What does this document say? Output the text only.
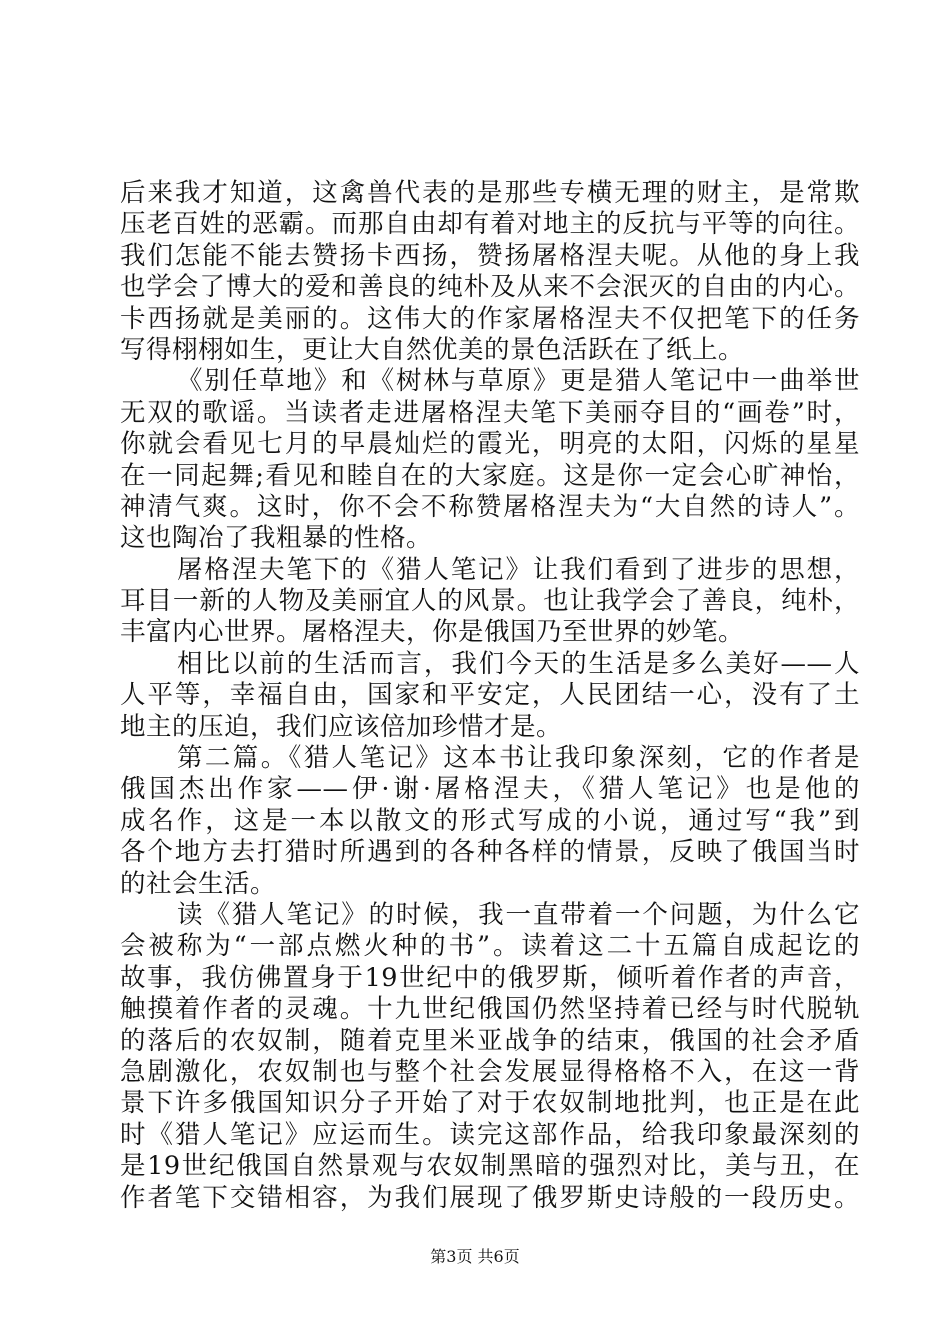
后来我才知道，这禽兽代表的是那些专横无理的财主，是常欺
压老百姓的恶霸。而那自由却有着对地主的反抗与平等的向往。
我们怎能不能去赞扬卡西扬，赞扬屠格涅夫呢。从他的身上我
也学会了博大的爱和善良的纯朴及从来不会泯灭的自由的内心。
卡西扬就是美丽的。这伟大的作家屠格涅夫不仅把笔下的任务
写得栩栩如生，更让大自然优美的景色活跃在了纸上。
《别任草地》和《树林与草原》更是猎人笔记中一曲举世
无双的歌谣。当读者走进屠格涅夫笔下美丽夺目的“画卷”时，
你就会看见七月的早晨灿烂的霞光，明亮的太阳，闪烁的星星
在一同起舞;看见和睦自在的大家庭。这是你一定会心旷神怡，
神清气爽。这时，你不会不称赞屠格涅夫为“大自然的诗人”。
这也陶冶了我粗暴的性格。
屠格涅夫笔下的《猎人笔记》让我们看到了进步的思想，
耳目一新的人物及美丽宜人的风景。也让我学会了善良，纯朴，
丰富内心世界。屠格涅夫，你是俄国乃至世界的妙笔。
相比以前的生活而言，我们今天的生活是多么美好——人
人平等，幸福自由，国家和平安定，人民团结一心，没有了土
地主的压迫，我们应该倍加珍惜才是。
第二篇。《猎人笔记》这本书让我印象深刻，它的作者是
俄国杰出作家——伊·谢·屠格涅夫，《猎人笔记》也是他的
成名作，这是一本以散文的形式写成的小说，通过写“我”到
各个地方去打猎时所遇到的各种各样的情景，反映了俄国当时
的社会生活。
读《猎人笔记》的时候，我一直带着一个问题，为什么它
会被称为“一部点燃火种的书”。读着这二十五篇自成起讫的
故事，我仿佛置身于19世纪中的俄罗斯，倾听着作者的声音，
触摸着作者的灵魂。十九世纪俄国仍然坚持着已经与时代脱轨
的落后的农奴制，随着克里米亚战争的结束，俄国的社会矛盾
急剧激化，农奴制也与整个社会发展显得格格不入，在这一背
景下许多俄国知识分子开始了对于农奴制地批判，也正是在此
时《猎人笔记》应运而生。读完这部作品，给我印象最深刻的
是19世纪俄国自然景观与农奴制黑暗的强烈对比，美与丑，在
作者笔下交错相容，为我们展现了俄罗斯史诗般的一段历史。
第3页 共6页
